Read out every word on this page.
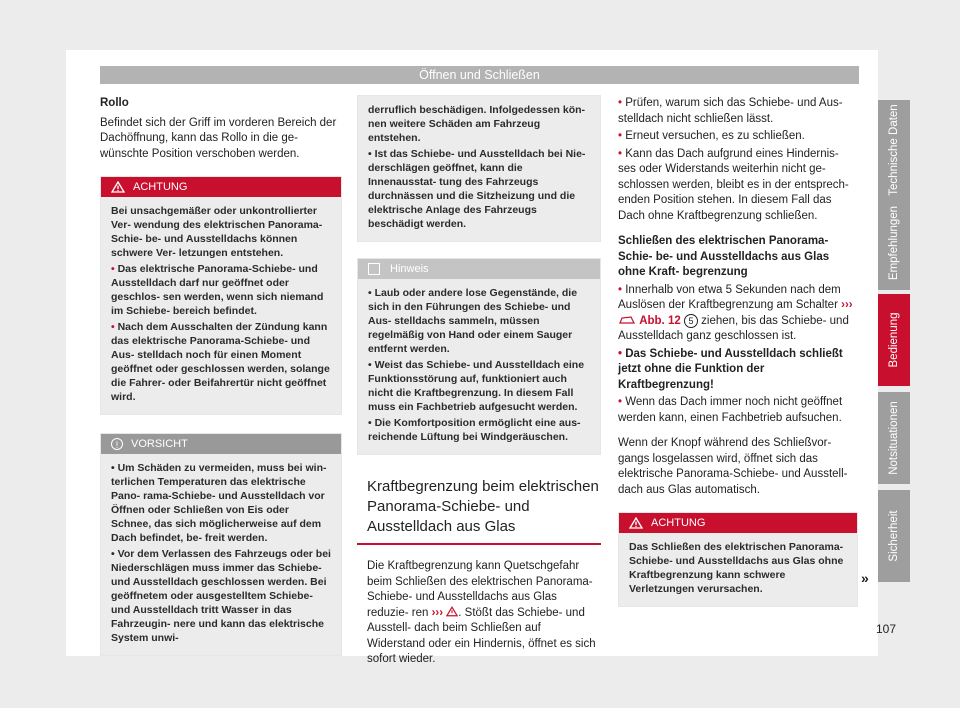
Öffnen und Schließen

Rollo

Befindet sich der Griff im vorderen Bereich der Dachöffnung, kann das Rollo in die ge- wünschte Position verschoben werden.

ACHTUNG

Bei unsachgemäßer oder unkontrollierter Ver- wendung des elektrischen Panorama-Schie- be- und Ausstelldachs können schwere Ver- letzungen entstehen.

• Das elektrische Panorama-Schiebe- und Ausstelldach darf nur geöffnet oder geschlos- sen werden, wenn sich niemand im Schiebe- bereich befindet.

• Nach dem Ausschalten der Zündung kann das elektrische Panorama-Schiebe- und Aus- stelldach noch für einen Moment geöffnet oder geschlossen werden, solange die Fahrer- oder Beifahrertür nicht geöffnet wird.

!	VORSICHT

• Um Schäden zu vermeiden, muss bei win- terlichen Temperaturen das elektrische Pano- rama-Schiebe- und Ausstelldach vor Öffnen oder Schließen von Eis oder Schnee, das sich möglicherweise auf dem Dach befindet, be- freit werden.

• Vor dem Verlassen des Fahrzeugs oder bei Niederschlägen muss immer das Schiebe- und Ausstelldach geschlossen werden. Bei geöffnetem oder ausgestelltem Schiebe- und Ausstelldach tritt Wasser in das Fahrzeugin- nere und kann das elektrische System unwi-

derruflich beschädigen. Infolgedessen kön- nen weitere Schäden am Fahrzeug entstehen.

• Ist das Schiebe- und Ausstelldach bei Nie- derschlägen geöffnet, kann die Innenausstat- tung des Fahrzeugs durchnässen und die Sitzheizung und die elektrische Anlage des Fahrzeugs beschädigt werden.

Hinweis

• Laub oder andere lose Gegenstände, die sich in den Führungen des Schiebe- und Aus- stelldachs sammeln, müssen regelmäßig von Hand oder einem Sauger entfernt werden.

• Weist das Schiebe- und Ausstelldach eine Funktionsstörung auf, funktioniert auch nicht die Kraftbegrenzung. In diesem Fall muss ein Fachbetrieb aufgesucht werden.

• Die Komfortposition ermöglicht eine aus- reichende Lüftung bei Windgeräuschen.

Kraftbegrenzung beim elektrischen Panorama-Schiebe- und Ausstelldach aus Glas

Die Kraftbegrenzung kann Quetschgefahr beim Schließen des elektrischen Panorama- Schiebe- und Ausstelldachs aus Glas reduzie- ren ››› . Stößt das Schiebe- und Ausstell- dach beim Schließen auf Widerstand oder ein Hindernis, öffnet es sich sofort wieder.

• Prüfen, warum sich das Schiebe- und Aus- stelldach nicht schließen lässt.

• Erneut versuchen, es zu schließen.

• Kann das Dach aufgrund eines Hindernis- ses oder Widerstands weiterhin nicht ge- schlossen werden, bleibt es in der entsprech- enden Position stehen. In diesem Fall das Dach ohne Kraftbegrenzung schließen.

Schließen des elektrischen Panorama-Schie- be- und Ausstelldachs aus Glas ohne Kraft- begrenzung

• Innerhalb von etwa 5 Sekunden nach dem Auslösen der Kraftbegrenzung am Schalter ›››  Abb. 12 5 ziehen, bis das Schiebe- und Ausstelldach ganz geschlossen ist.

• Das Schiebe- und Ausstelldach schließt jetzt ohne die Funktion der Kraftbegrenzung!

• Wenn das Dach immer noch nicht geöffnet werden kann, einen Fachbetrieb aufsuchen.

Wenn der Knopf während des Schließvor- gangs losgelassen wird, öffnet sich das elektrische Panorama-Schiebe- und Ausstell- dach aus Glas automatisch.

ACHTUNG

Das Schließen des elektrischen Panorama- Schiebe- und Ausstelldachs aus Glas ohne Kraftbegrenzung kann schwere Verletzungen verursachen.

»
Technische Daten
Empfehlungen
Bedienung
Notsituationen
Sicherheit
107
